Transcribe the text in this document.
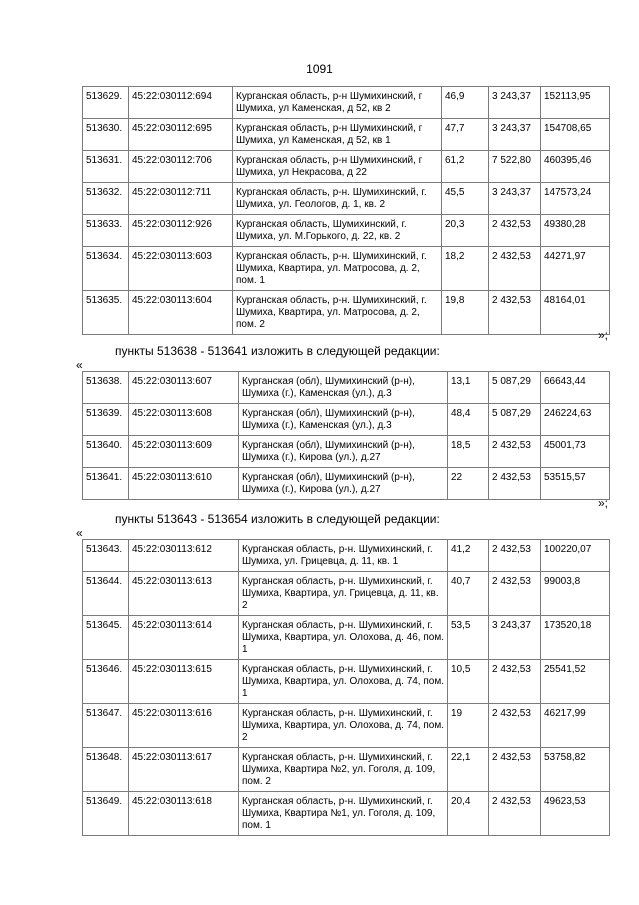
1091
513629.	45:22:030112:694	Курганская область, р-н Шумихинский, г Шумиха, ул Каменская, д 52, кв 2	46,9	3 243,37	152113,95
513630.	45:22:030112:695	Курганская область, р-н Шумихинский, г Шумиха, ул Каменская, д 52, кв 1	47,7	3 243,37	154708,65
513631.	45:22:030112:706	Курганская область, р-н Шумихинский, г Шумиха, ул Некрасова, д 22	61,2	7 522,80	460395,46
513632.	45:22:030112:711	Курганская область, р-н. Шумихинский, г. Шумиха, ул. Геологов, д. 1, кв. 2	45,5	3 243,37	147573,24
513633.	45:22:030112:926	Курганская область, Шумихинский, г. Шумиха, ул. М.Горького, д. 22, кв. 2	20,3	2 432,53	49380,28
513634.	45:22:030113:603	Курганская область, р-н. Шумихинский, г. Шумиха, Квартира, ул. Матросова, д. 2, пом. 1	18,2	2 432,53	44271,97
513635.	45:22:030113:604	Курганская область, р-н. Шумихинский, г. Шумиха, Квартира, ул. Матросова, д. 2, пом. 2	19,8	2 432,53	48164,01
»;
пункты 513638 - 513641 изложить в следующей редакции:
«
513638.	45:22:030113:607	Курганская (обл), Шумихинский (р-н), Шумиха (г.), Каменская (ул.), д.3	13,1	5 087,29	66643,44
513639.	45:22:030113:608	Курганская (обл), Шумихинский (р-н), Шумиха (г.), Каменская (ул.), д.3	48,4	5 087,29	246224,63
513640.	45:22:030113:609	Курганская (обл), Шумихинский (р-н), Шумиха (г.), Кирова (ул.), д.27	18,5	2 432,53	45001,73
513641.	45:22:030113:610	Курганская (обл), Шумихинский (р-н), Шумиха (г.), Кирова (ул.), д.27	22	2 432,53	53515,57
»;
пункты 513643 - 513654 изложить в следующей редакции:
«
513643.	45:22:030113:612	Курганская область, р-н. Шумихинский, г. Шумиха, ул. Грицевца, д. 11, кв. 1	41,2	2 432,53	100220,07
513644.	45:22:030113:613	Курганская область, р-н. Шумихинский, г. Шумиха, Квартира, ул. Грицевца, д. 11, кв. 2	40,7	2 432,53	99003,8
513645.	45:22:030113:614	Курганская область, р-н. Шумихинский, г. Шумиха, Квартира, ул. Олохова, д. 46, пом. 1	53,5	3 243,37	173520,18
513646.	45:22:030113:615	Курганская область, р-н. Шумихинский, г. Шумиха, Квартира, ул. Олохова, д. 74, пом. 1	10,5	2 432,53	25541,52
513647.	45:22:030113:616	Курганская область, р-н. Шумихинский, г. Шумиха, Квартира, ул. Олохова, д. 74, пом. 2	19	2 432,53	46217,99
513648.	45:22:030113:617	Курганская область, р-н. Шумихинский, г. Шумиха, Квартира №2, ул. Гоголя, д. 109, пом. 2	22,1	2 432,53	53758,82
513649.	45:22:030113:618	Курганская область, р-н. Шумихинский, г. Шумиха, Квартира №1, ул. Гоголя, д. 109, пом. 1	20,4	2 432,53	49623,53
